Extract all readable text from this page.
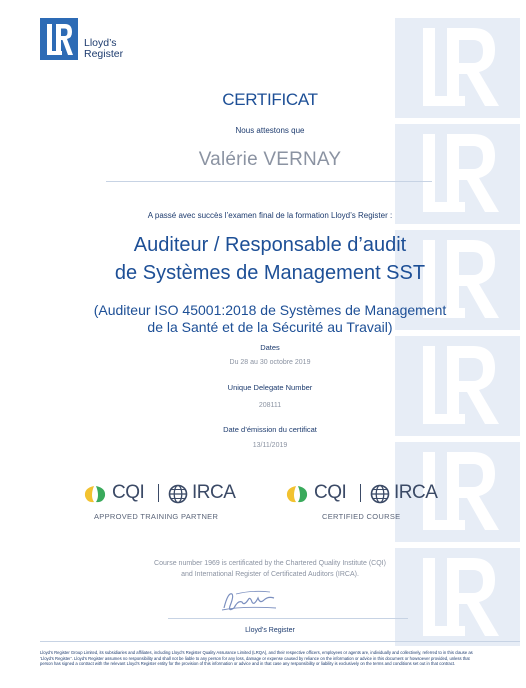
Lloyd’s
Register
CERTIFICAT
Nous attestons que
Valérie VERNAY
A passé avec succès l’examen final de la formation Lloyd’s Register :
Auditeur / Responsable d’audit
de Systèmes de Management SST
(Auditeur ISO 45001:2018 de Systèmes de Management
de la Santé et de la Sécurité au Travail)
Dates
Du 28 au 30 octobre 2019
Unique Delegate Number
208111
Date d’émission du certificat
13/11/2019
CQI	IRCA
APPROVED TRAINING PARTNER
CQI	IRCA
CERTIFIED COURSE
Course number 1969 is certificated by the Chartered Quality Institute (CQI)
and International Register of Certificated Auditors (IRCA).
Lloyd’s Register
Lloyd’s Register Group Limited, its subsidiaries and affiliates, including Lloyd’s Register Quality Assurance Limited (LRQA), and their respective officers, employees or agents are, individually and collectively, referred to in this clause as ‘Lloyd’s Register’. Lloyd’s Register assumes no responsibility and shall not be liable to any person for any loss, damage or expense caused by reliance on the information or advice in this document or howsoever provided, unless that person has signed a contract with the relevant Lloyd’s Register entity for the provision of this information or advice and in that case any responsibility or liability is exclusively on the terms and conditions set out in that contract.
